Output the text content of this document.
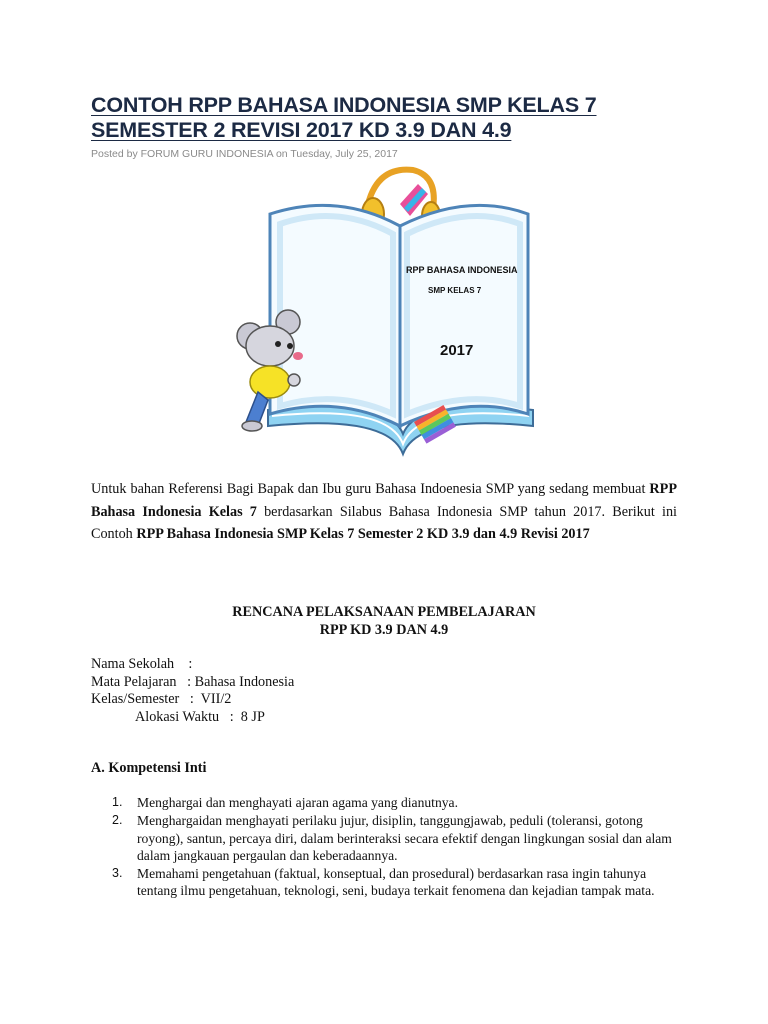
CONTOH RPP BAHASA INDONESIA SMP KELAS 7
SEMESTER 2 REVISI 2017 KD 3.9 DAN 4.9
Posted by FORUM GURU INDONESIA on Tuesday, July 25, 2017
RPP BAHASA INDONESIA
SMP KELAS 7
2017

Untuk bahan Referensi Bagi Bapak dan Ibu guru Bahasa Indoenesia SMP yang sedang membuat RPP Bahasa Indonesia Kelas 7 berdasarkan Silabus Bahasa Indonesia SMP tahun 2017. Berikut ini Contoh RPP Bahasa Indonesia SMP Kelas 7 Semester 2 KD 3.9 dan 4.9 Revisi 2017

RENCANA PELAKSANAAN PEMBELAJARAN
RPP KD 3.9 DAN 4.9
Nama Sekolah    :
Mata Pelajaran   : Bahasa Indonesia
Kelas/Semester   :  VII/2
Alokasi Waktu   :  8 JP
A. Kompetensi Inti
1. Menghargai dan menghayati ajaran agama yang dianutnya.
2. Menghargaidan menghayati perilaku jujur, disiplin, tanggungjawab, peduli (toleransi, gotong royong), santun, percaya diri, dalam berinteraksi secara efektif dengan lingkungan sosial dan alam dalam jangkauan pergaulan dan keberadaannya.
3. Memahami pengetahuan (faktual, konseptual, dan prosedural) berdasarkan rasa ingin tahunya tentang ilmu pengetahuan, teknologi, seni, budaya terkait fenomena dan kejadian tampak mata.
